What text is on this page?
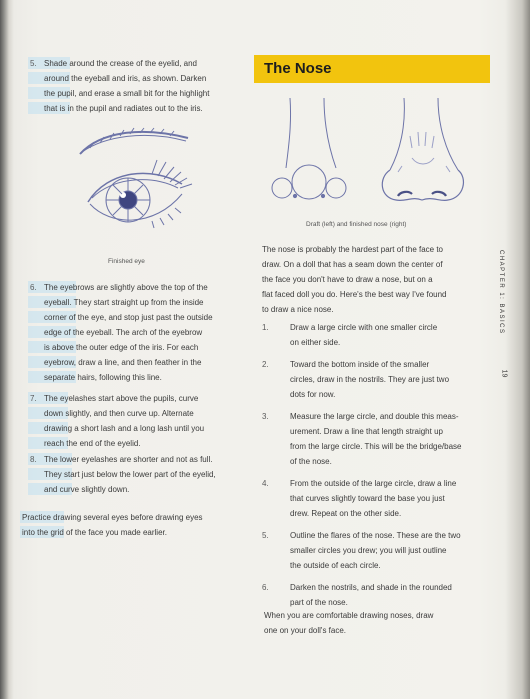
5. Shade around the crease of the eyelid, and
around the eyeball and iris, as shown. Darken
the pupil, and erase a small bit for the highlight
that is in the pupil and radiates out to the iris.
Finished eye
6. The eyebrows are slightly above the top of the
eyeball. They start straight up from the inside
corner of the eye, and stop just past the outside
edge of the eyeball. The arch of the eyebrow
is above the outer edge of the iris. For each
eyebrow, draw a line, and then feather in the
separate hairs, following this line.
7. The eyelashes start above the pupils, curve
down slightly, and then curve up. Alternate
drawing a short lash and a long lash until you
reach the end of the eyelid.
8. The lower eyelashes are shorter and not as full.
They start just below the lower part of the eyelid,
and curve slightly down.
Practice drawing several eyes before drawing eyes
into the grid of the face you made earlier.
The Nose
Draft (left) and finished nose (right)
The nose is probably the hardest part of the face to
draw. On a doll that has a seam down the center of
the face you don't have to draw a nose, but on a
flat faced doll you do. Here's the best way I've found
to draw a nice nose.

1.	Draw a large circle with one smaller circle
on either side.

2.	Toward the bottom inside of the smaller
circles, draw in the nostrils. They are just two
dots for now.

3.	Measure the large circle, and double this meas-
urement. Draw a line that length straight up
from the large circle. This will be the bridge/base
of the nose.

4.	From the outside of the large circle, draw a line
that curves slightly toward the base you just
drew. Repeat on the other side.

5.	Outline the flares of the nose. These are the two
smaller circles you drew; you will just outline
the outside of each circle.

6.	Darken the nostrils, and shade in the rounded
part of the nose.

When you are comfortable drawing noses, draw
one on your doll's face.
CHAPTER 1: BASICS
19
